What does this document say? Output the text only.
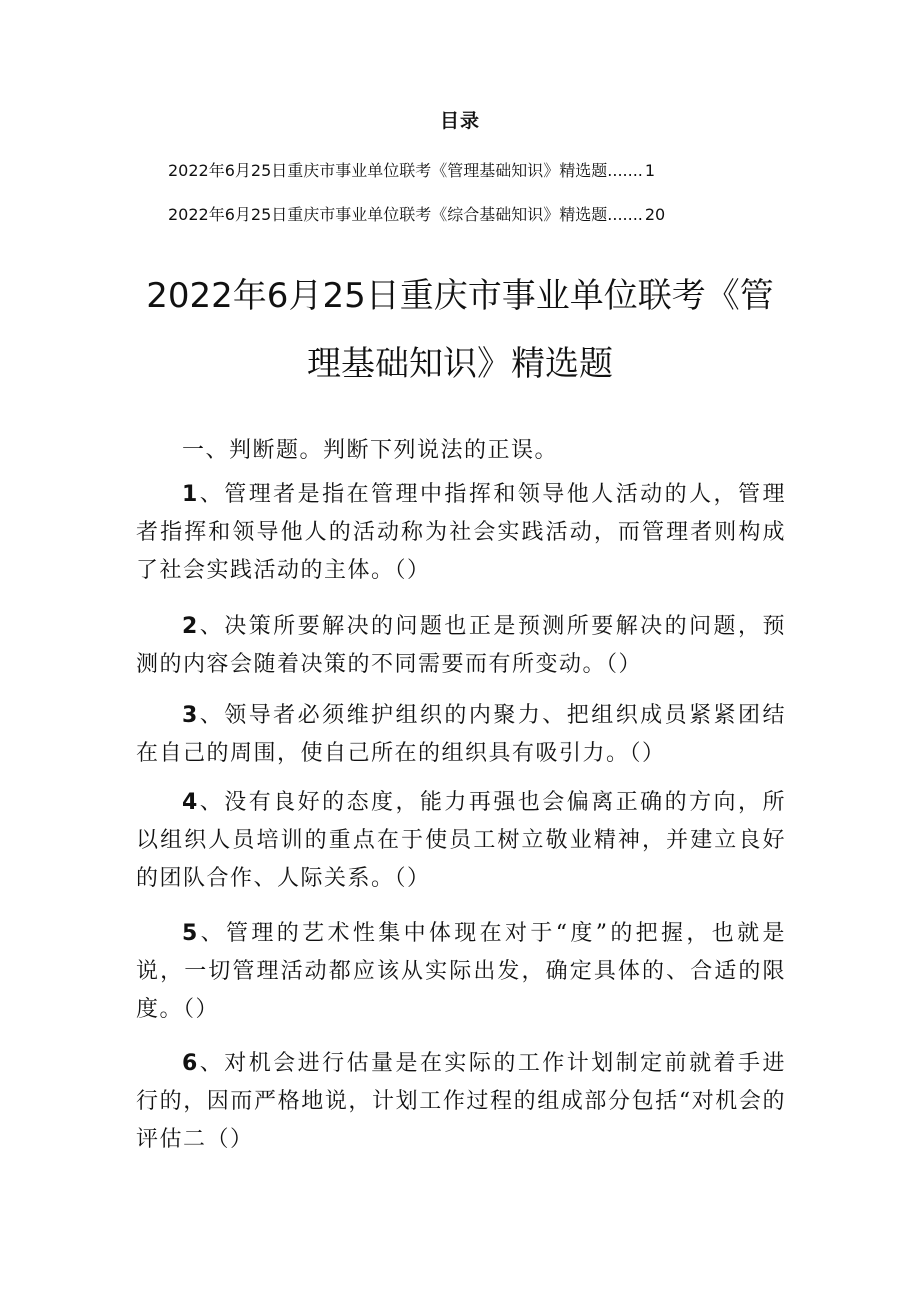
目录
2022年6月25日重庆市事业单位联考《管理基础知识》精选题....... 1
2022年6月25日重庆市事业单位联考《综合基础知识》精选题....... 20
2022年6月25日重庆市事业单位联考《管
理基础知识》精选题
一、判断题。判断下列说法的正误。
1、管理者是指在管理中指挥和领导他人活动的人，管理者指挥和领导他人的活动称为社会实践活动，而管理者则构成了社会实践活动的主体。（）
2、决策所要解决的问题也正是预测所要解决的问题，预测的内容会随着决策的不同需要而有所变动。（）
3、领导者必须维护组织的内聚力、把组织成员紧紧团结在自己的周围，使自己所在的组织具有吸引力。（）
4、没有良好的态度，能力再强也会偏离正确的方向，所以组织人员培训的重点在于使员工树立敬业精神，并建立良好的团队合作、人际关系。（）
5、管理的艺术性集中体现在对于“度”的把握，也就是说，一切管理活动都应该从实际出发，确定具体的、合适的限度。（）
6、对机会进行估量是在实际的工作计划制定前就着手进行的，因而严格地说，计划工作过程的组成部分包括“对机会的评估二（）
